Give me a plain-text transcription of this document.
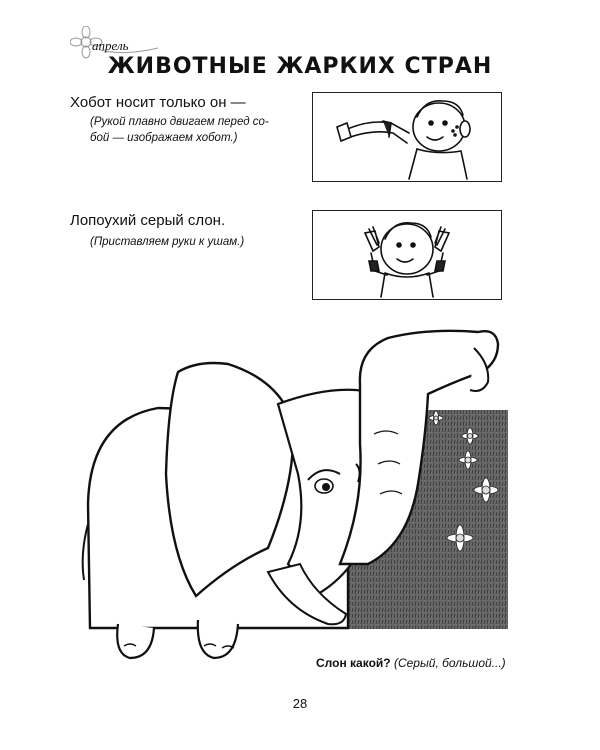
апрель
ЖИВОТНЫЕ ЖАРКИХ СТРАН
Хобот носит только он —
(Рукой плавно двигаем перед со-
бой — изображаем хобот.)
Лопоухий серый слон.
(Приставляем руки к ушам.)
Слон какой? (Серый, большой...)
28
